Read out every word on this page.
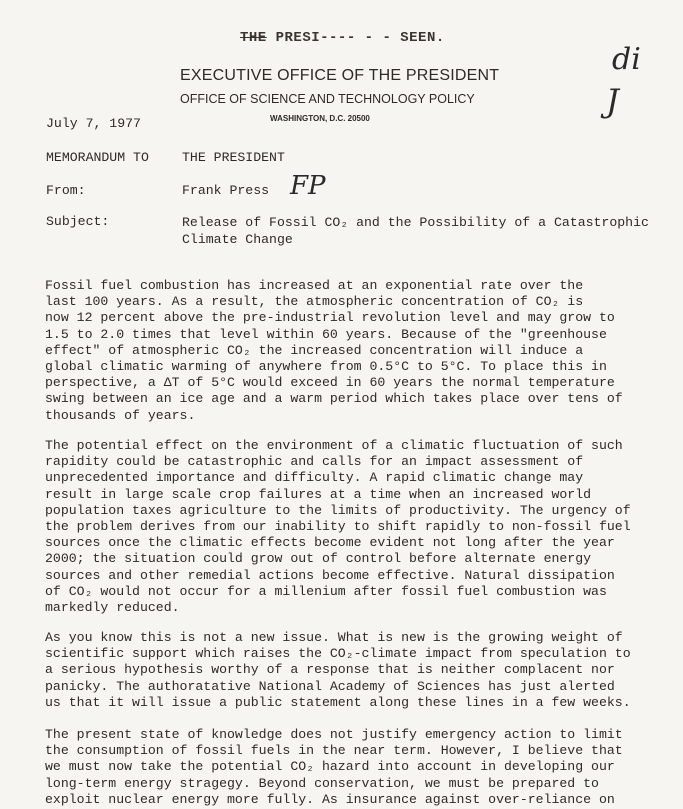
THE PRESI‐‐‐‐ ‐ ‐ SEEN.
di
J
EXECUTIVE OFFICE OF THE PRESIDENT
OFFICE OF SCIENCE AND TECHNOLOGY POLICY
WASHINGTON, D.C. 20500
July 7, 1977
MEMORANDUM TO	THE PRESIDENT
From:	Frank Press FP
Subject:	Release of Fossil CO₂ and the Possibility of a Catastrophic Climate Change

Fossil fuel combustion has increased at an exponential rate over the
last 100 years. As a result, the atmospheric concentration of CO₂ is
now 12 percent above the pre-industrial revolution level and may grow to
1.5 to 2.0 times that level within 60 years. Because of the "greenhouse
effect" of atmospheric CO₂ the increased concentration will induce a
global climatic warming of anywhere from 0.5°C to 5°C. To place this in
perspective, a ΔT of 5°C would exceed in 60 years the normal temperature
swing between an ice age and a warm period which takes place over tens of
thousands of years.

The potential effect on the environment of a climatic fluctuation of such
rapidity could be catastrophic and calls for an impact assessment of
unprecedented importance and difficulty. A rapid climatic change may
result in large scale crop failures at a time when an increased world
population taxes agriculture to the limits of productivity. The urgency of
the problem derives from our inability to shift rapidly to non-fossil fuel
sources once the climatic effects become evident not long after the year
2000; the situation could grow out of control before alternate energy
sources and other remedial actions become effective. Natural dissipation
of CO₂ would not occur for a millenium after fossil fuel combustion was
markedly reduced.

As you know this is not a new issue. What is new is the growing weight of
scientific support which raises the CO₂-climate impact from speculation to
a serious hypothesis worthy of a response that is neither complacent nor
panicky. The authoratative National Academy of Sciences has just alerted
us that it will issue a public statement along these lines in a few weeks.

The present state of knowledge does not justify emergency action to limit
the consumption of fossil fuels in the near term. However, I believe that
we must now take the potential CO₂ hazard into account in developing our
long-term energy stragegy. Beyond conservation, we must be prepared to
exploit nuclear energy more fully. As insurance against over-reliance on
